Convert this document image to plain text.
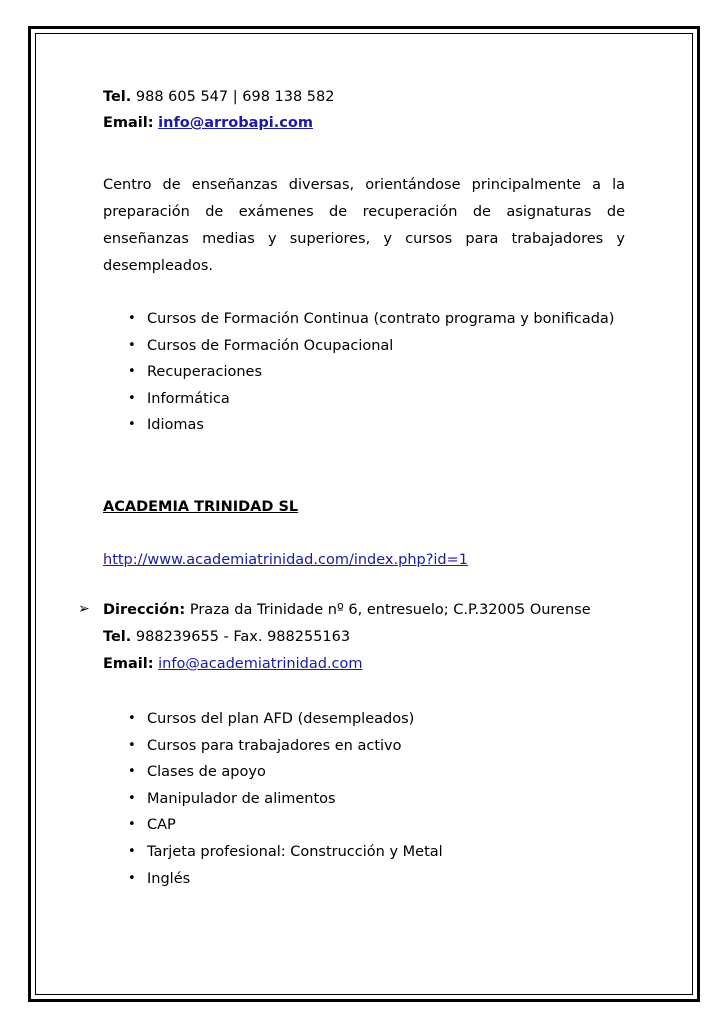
Tel. 988 605 547 | 698 138 582
Email: info@arrobapi.com
Centro de enseñanzas diversas, orientándose principalmente a la
preparación de exámenes de recuperación de asignaturas de
enseñanzas medias y superiores, y cursos para trabajadores y
desempleados.
• Cursos de Formación Continua (contrato programa y bonificada)
• Cursos de Formación Ocupacional
• Recuperaciones
• Informática
• Idiomas
ACADEMIA TRINIDAD SL
http://www.academiatrinidad.com/index.php?id=1
➢ Dirección: Praza da Trinidade nº 6, entresuelo; C.P.32005 Ourense
Tel. 988239655 - Fax. 988255163
Email: info@academiatrinidad.com
• Cursos del plan AFD (desempleados)
• Cursos para trabajadores en activo
• Clases de apoyo
• Manipulador de alimentos
• CAP
• Tarjeta profesional: Construcción y Metal
• Inglés
